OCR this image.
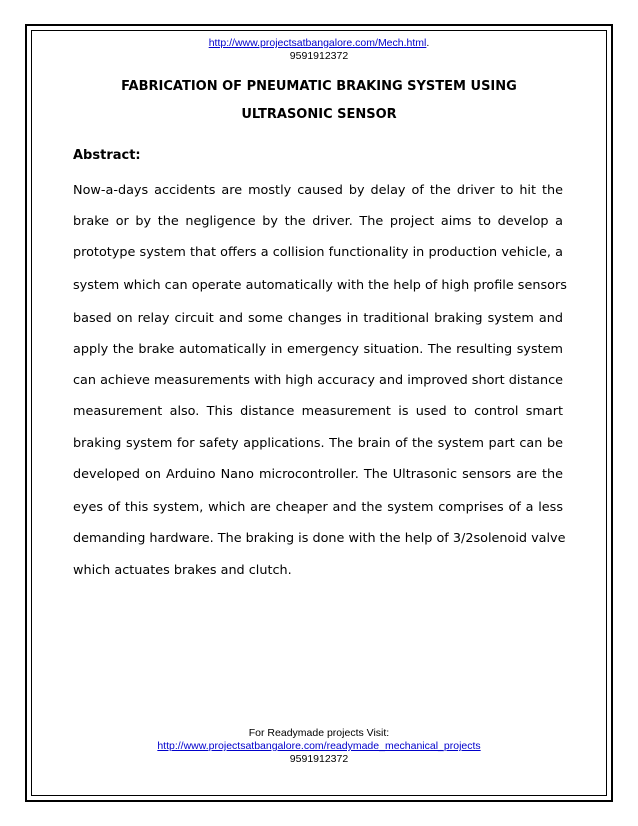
http://www.projectsatbangalore.com/Mech.html.
9591912372
FABRICATION OF PNEUMATIC BRAKING SYSTEM USING
ULTRASONIC SENSOR
Abstract:
Now-a-days accidents are mostly caused by delay of the driver to hit the
brake or by the negligence by the driver. The project aims to develop a
prototype system that offers a collision functionality in production vehicle, a
system which can operate automatically with the help of high profile sensors
based on relay circuit and some changes in traditional braking system and
apply the brake automatically in emergency situation. The resulting system
can achieve measurements with high accuracy and improved short distance
measurement also. This distance measurement is used to control smart
braking system for safety applications. The brain of the system part can be
developed on Arduino Nano microcontroller. The Ultrasonic sensors are the
eyes of this system, which are cheaper and the system comprises of a less
demanding hardware. The braking is done with the help of 3/2solenoid valve
which actuates brakes and clutch.
For Readymade projects Visit:
http://www.projectsatbangalore.com/readymade_mechanical_projects
9591912372
